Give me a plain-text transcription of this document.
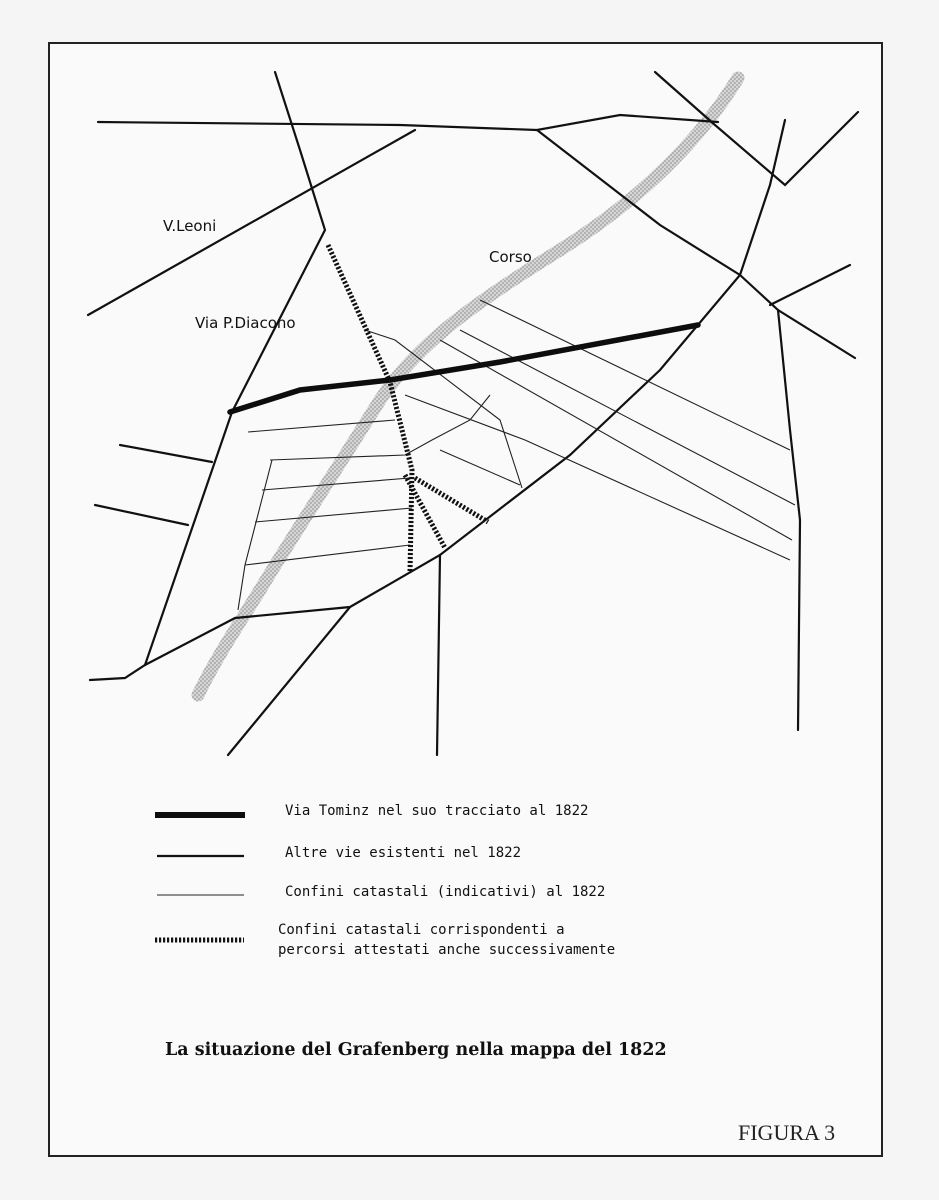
V.Leoni
Corso
Via P.Diacono
Via Tominz nel suo tracciato al 1822
Altre vie esistenti nel 1822
Confini catastali (indicativi) al 1822
Confini catastali corrispondenti a
percorsi attestati anche successivamente
La situazione del Grafenberg nella mappa del 1822
FIGURA 3
